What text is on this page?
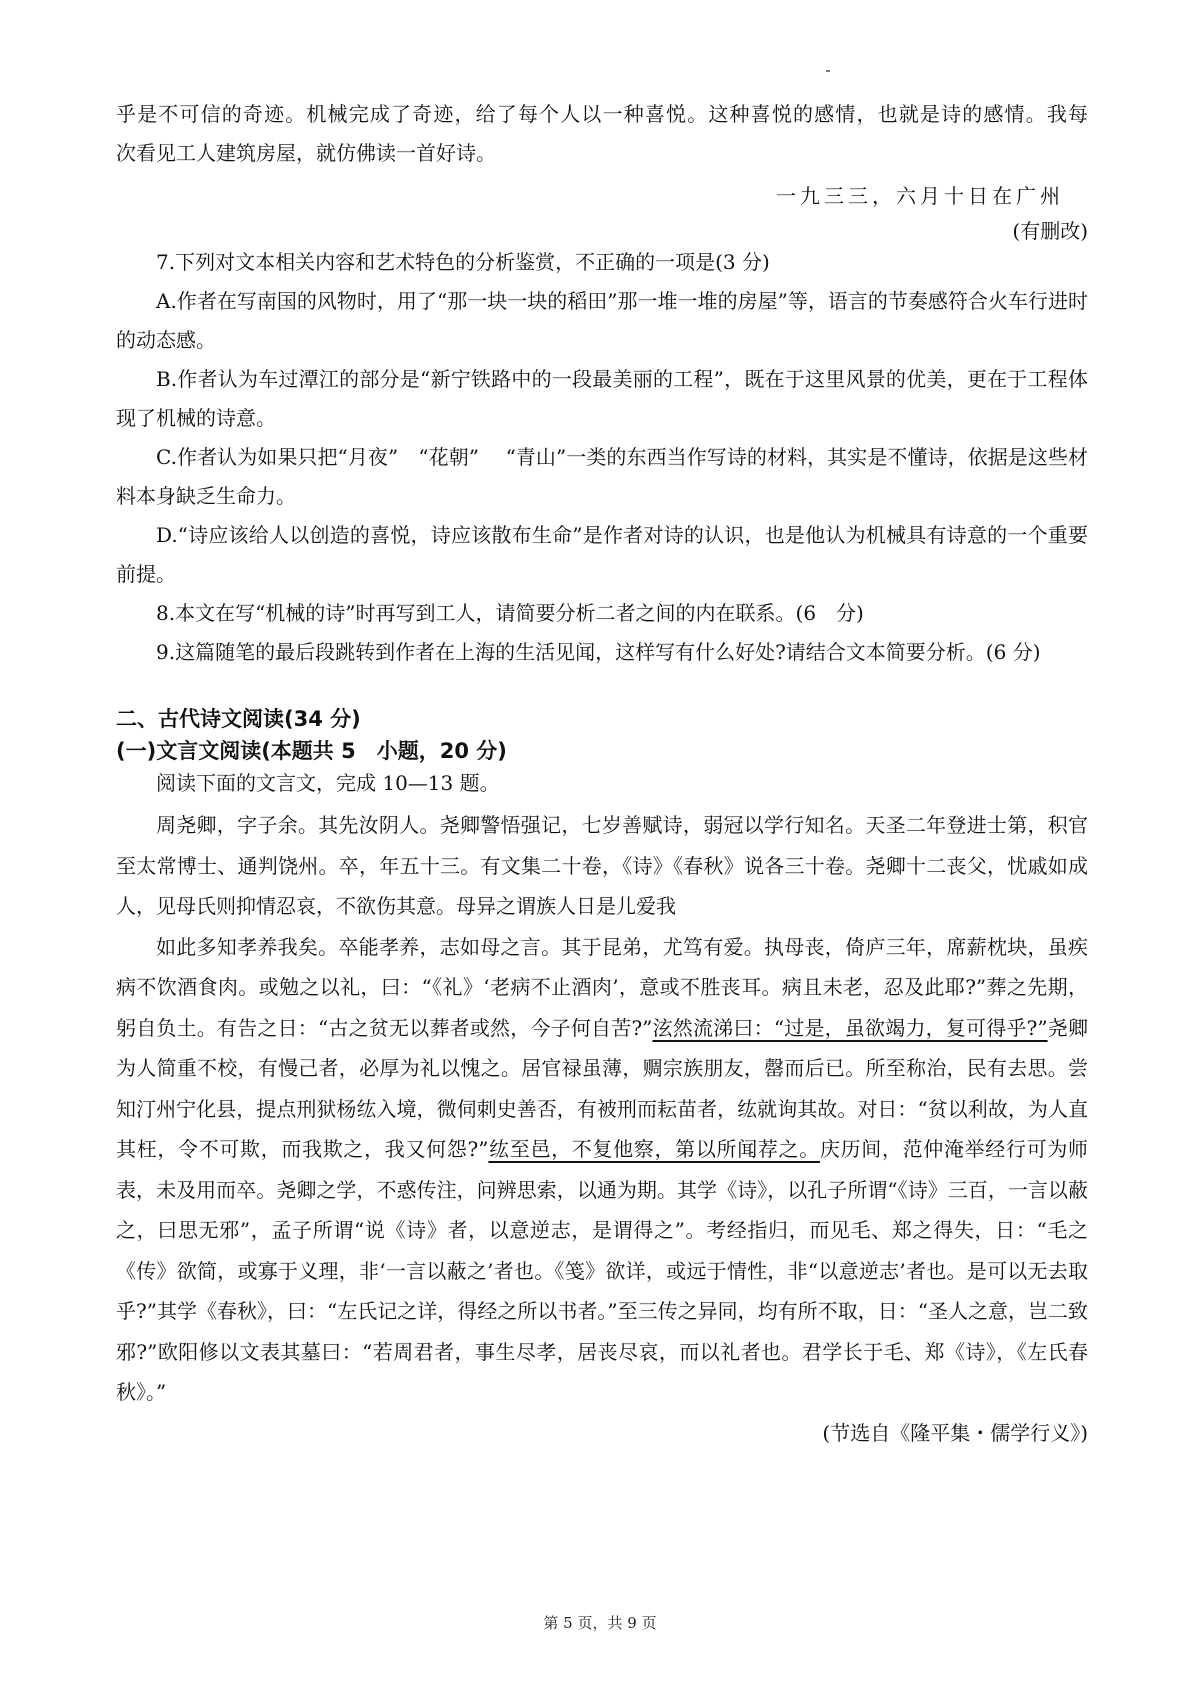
乎是不可信的奇迹。机械完成了奇迹，给了每个人以一种喜悦。这种喜悦的感情，也就是诗的感情。我每

次看见工人建筑房屋，就仿佛读一首好诗。

一九三三，六月十日在广州

(有删改)

7.下列对文本相关内容和艺术特色的分析鉴赏，不正确的一项是(3 分)

A.作者在写南国的风物时，用了“那一块一块的稻田”那一堆一堆的房屋”等，语言的节奏感符合火车行进时的动态感。

B.作者认为车过潭江的部分是“新宁铁路中的一段最美丽的工程”，既在于这里风景的优美，更在于工程体现了机械的诗意。

C.作者认为如果只把“月夜”　“花朝”　 “青山”一类的东西当作写诗的材料，其实是不懂诗，依据是这些材料本身缺乏生命力。

D.“诗应该给人以创造的喜悦，诗应该散布生命”是作者对诗的认识，也是他认为机械具有诗意的一个重要前提。

8.本文在写“机械的诗”时再写到工人，请简要分析二者之间的内在联系。(6　分)

9.这篇随笔的最后段跳转到作者在上海的生活见闻，这样写有什么好处?请结合文本简要分析。(6 分)

二、古代诗文阅读(34 分)

(一)文言文阅读(本题共 5　小题，20 分)

阅读下面的文言文，完成 10—13 题。

周尧卿，字子余。其先汝阴人。尧卿警悟强记，七岁善赋诗，弱冠以学行知名。天圣二年登进士第，积官至太常博士、通判饶州。卒，年五十三。有文集二十卷，《诗》《春秋》说各三十卷。尧卿十二丧父，忧戚如成人，见母氏则抑情忍哀，不欲伤其意。母异之谓族人日是儿爱我

如此多知孝养我矣。卒能孝养，志如母之言。其于昆弟，尤笃有爱。执母丧，倚庐三年，席薪枕块，虽疾病不饮酒食肉。或勉之以礼，曰：“《礼》‘老病不止酒肉’，意或不胜丧耳。病且未老，忍及此耶?”葬之先期，躬自负土。有告之日：“古之贫无以葬者或然，今子何自苦?”泫然流涕曰：“过是，虽欲竭力，复可得乎?”尧卿为人简重不校，有慢己者，必厚为礼以愧之。居官禄虽薄，赒宗族朋友，罄而后已。所至称治，民有去思。尝知汀州宁化县，提点刑狱杨纮入境，微伺刺史善否，有被刑而耘苗者，纮就询其故。对日：“贫以利故，为人直其枉，令不可欺，而我欺之，我又何怨?”纮至邑，不复他察，第以所闻荐之。庆历间，范仲淹举经行可为师表，未及用而卒。尧卿之学，不惑传注，问辨思索，以通为期。其学《诗》，以孔子所谓“《诗》三百，一言以蔽之，曰思无邪”，孟子所谓“说《诗》者，以意逆志，是谓得之”。考经指归，而见毛、郑之得失，日：“毛之《传》欲简，或寡于义理，非‘一言以蔽之’者也。《笺》欲详，或远于情性，非“以意逆志’者也。是可以无去取乎?”其学《春秋》，曰：“左氏记之详，得经之所以书者。”至三传之异同，均有所不取，日：“圣人之意，岂二致邪?”欧阳修以文表其墓曰：“若周君者，事生尽孝，居丧尽哀，而以礼者也。君学长于毛、郑《诗》，《左氏春秋》。”

(节选自《隆平集・儒学行义》)

第 5 页，共 9 页
